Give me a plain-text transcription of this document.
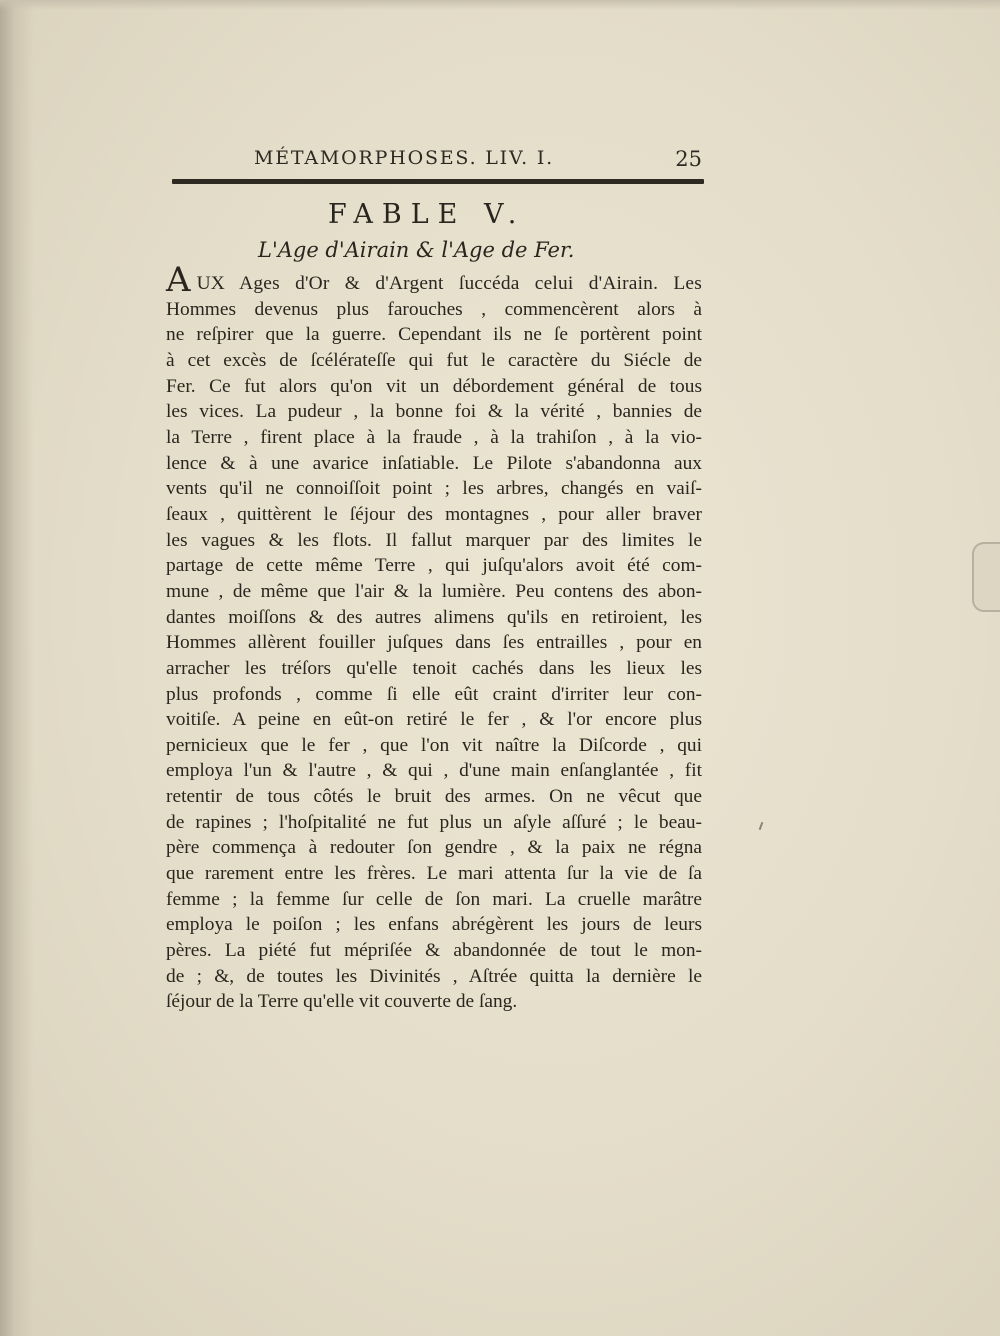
MÉTAMORPHOSES. LIV. I.	25
FABLE V.
L'Age d'Airain & l'Age de Fer.
AUX Ages d'Or & d'Argent ſuccéda celui d'Airain. Les
Hommes devenus plus farouches , commencèrent alors à
ne reſpirer que la guerre. Cependant ils ne ſe portèrent point
à cet excès de ſcélérateſſe qui fut le caractère du Siécle de
Fer. Ce fut alors qu'on vit un débordement général de tous
les vices. La pudeur , la bonne foi & la vérité , bannies de
la Terre , firent place à la fraude , à la trahiſon , à la vio-
lence & à une avarice inſatiable. Le Pilote s'abandonna aux
vents qu'il ne connoiſſoit point ; les arbres, changés en vaiſ-
ſeaux , quittèrent le ſéjour des montagnes , pour aller braver
les vagues & les flots. Il fallut marquer par des limites le
partage de cette même Terre , qui juſqu'alors avoit été com-
mune , de même que l'air & la lumière. Peu contens des abon-
dantes moiſſons & des autres alimens qu'ils en retiroient, les
Hommes allèrent fouiller juſques dans ſes entrailles , pour en
arracher les tréſors qu'elle tenoit cachés dans les lieux les
plus profonds , comme ſi elle eût craint d'irriter leur con-
voitiſe. A peine en eût-on retiré le fer , & l'or encore plus
pernicieux que le fer , que l'on vit naître la Diſcorde , qui
employa l'un & l'autre , & qui , d'une main enſanglantée , fit
retentir de tous côtés le bruit des armes. On ne vêcut que
de rapines ; l'hoſpitalité ne fut plus un aſyle aſſuré ; le beau-
père commença à redouter ſon gendre , & la paix ne régna
que rarement entre les frères. Le mari attenta ſur la vie de ſa
femme ; la femme ſur celle de ſon mari. La cruelle marâtre
employa le poiſon ; les enfans abrégèrent les jours de leurs
pères. La piété fut mépriſée & abandonnée de tout le mon-
de ; &, de toutes les Divinités , Aſtrée quitta la dernière le
ſéjour de la Terre qu'elle vit couverte de ſang.
